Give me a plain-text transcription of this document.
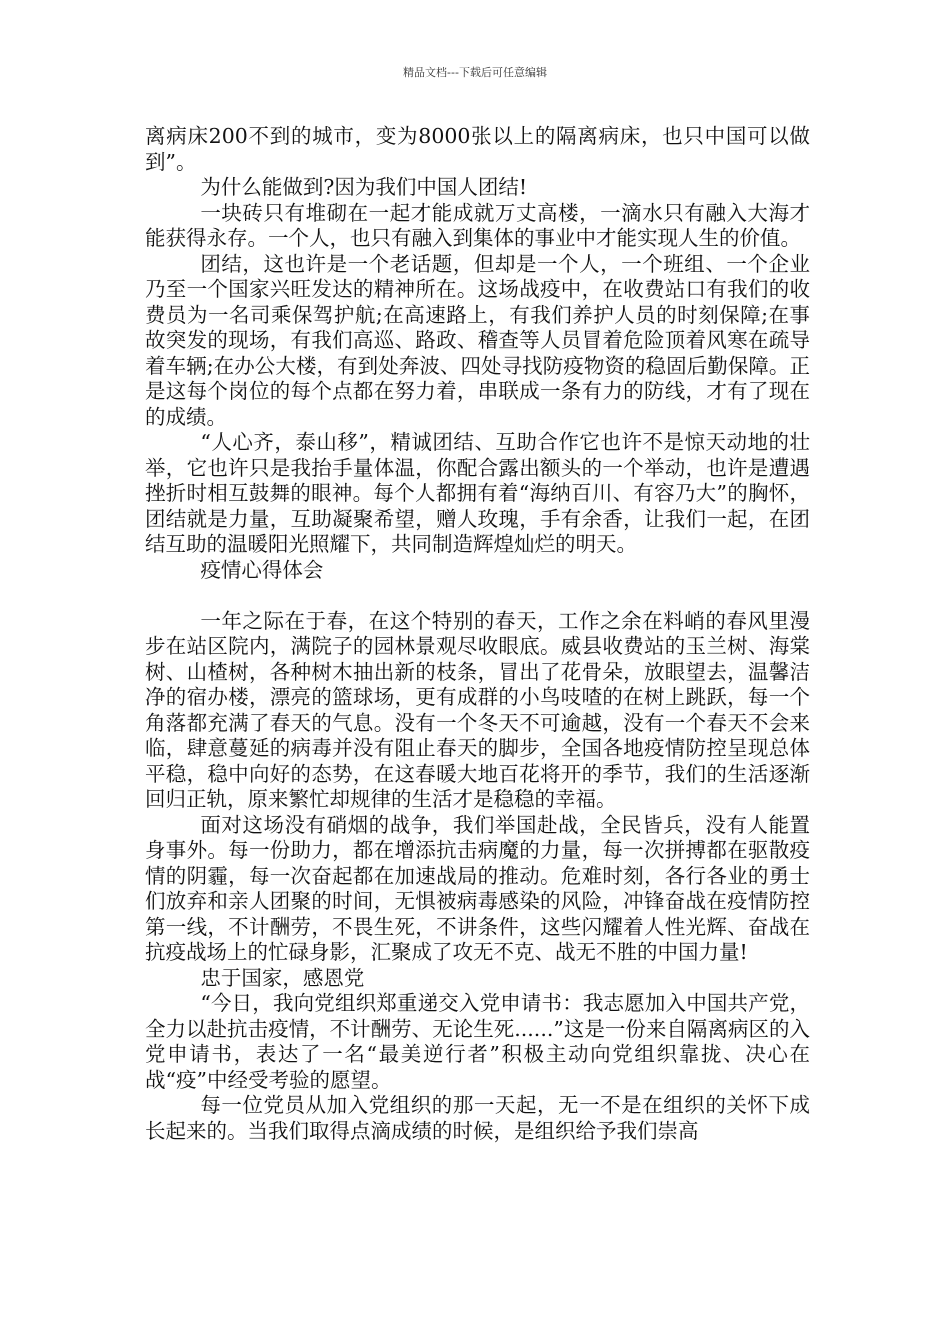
精品文档---下载后可任意编辑

离病床200不到的城市，变为8000张以上的隔离病床，也只中国可以做到”。

为什么能做到?因为我们中国人团结!

一块砖只有堆砌在一起才能成就万丈高楼，一滴水只有融入大海才能获得永存。一个人，也只有融入到集体的事业中才能实现人生的价值。

团结，这也许是一个老话题，但却是一个人，一个班组、一个企业乃至一个国家兴旺发达的精神所在。这场战疫中，在收费站口有我们的收费员为一名司乘保驾护航;在高速路上，有我们养护人员的时刻保障;在事故突发的现场，有我们高巡、路政、稽查等人员冒着危险顶着风寒在疏导着车辆;在办公大楼，有到处奔波、四处寻找防疫物资的稳固后勤保障。正是这每个岗位的每个点都在努力着，串联成一条有力的防线，才有了现在的成绩。

“人心齐，泰山移”，精诚团结、互助合作它也许不是惊天动地的壮举，它也许只是我抬手量体温，你配合露出额头的一个举动，也许是遭遇挫折时相互鼓舞的眼神。每个人都拥有着“海纳百川、有容乃大”的胸怀，团结就是力量，互助凝聚希望，赠人玫瑰，手有余香，让我们一起，在团结互助的温暖阳光照耀下，共同制造辉煌灿烂的明天。

疫情心得体会

一年之际在于春，在这个特别的春天，工作之余在料峭的春风里漫步在站区院内，满院子的园林景观尽收眼底。威县收费站的玉兰树、海棠树、山楂树，各种树木抽出新的枝条，冒出了花骨朵，放眼望去，温馨洁净的宿办楼，漂亮的篮球场，更有成群的小鸟吱喳的在树上跳跃，每一个角落都充满了春天的气息。没有一个冬天不可逾越，没有一个春天不会来临，肆意蔓延的病毒并没有阻止春天的脚步，全国各地疫情防控呈现总体平稳，稳中向好的态势，在这春暖大地百花将开的季节，我们的生活逐渐回归正轨，原来繁忙却规律的生活才是稳稳的幸福。

面对这场没有硝烟的战争，我们举国赴战，全民皆兵，没有人能置身事外。每一份助力，都在增添抗击病魔的力量，每一次拼搏都在驱散疫情的阴霾，每一次奋起都在加速战局的推动。危难时刻，各行各业的勇士们放弃和亲人团聚的时间，无惧被病毒感染的风险，冲锋奋战在疫情防控第一线，不计酬劳，不畏生死，不讲条件，这些闪耀着人性光辉、奋战在抗疫战场上的忙碌身影，汇聚成了攻无不克、战无不胜的中国力量!

忠于国家，感恩党

“今日，我向党组织郑重递交入党申请书：我志愿加入中国共产党，全力以赴抗击疫情，不计酬劳、无论生死......”这是一份来自隔离病区的入党申请书，表达了一名“最美逆行者”积极主动向党组织靠拢、决心在战“疫”中经受考验的愿望。

每一位党员从加入党组织的那一天起，无一不是在组织的关怀下成长起来的。当我们取得点滴成绩的时候，是组织给予我们崇高
